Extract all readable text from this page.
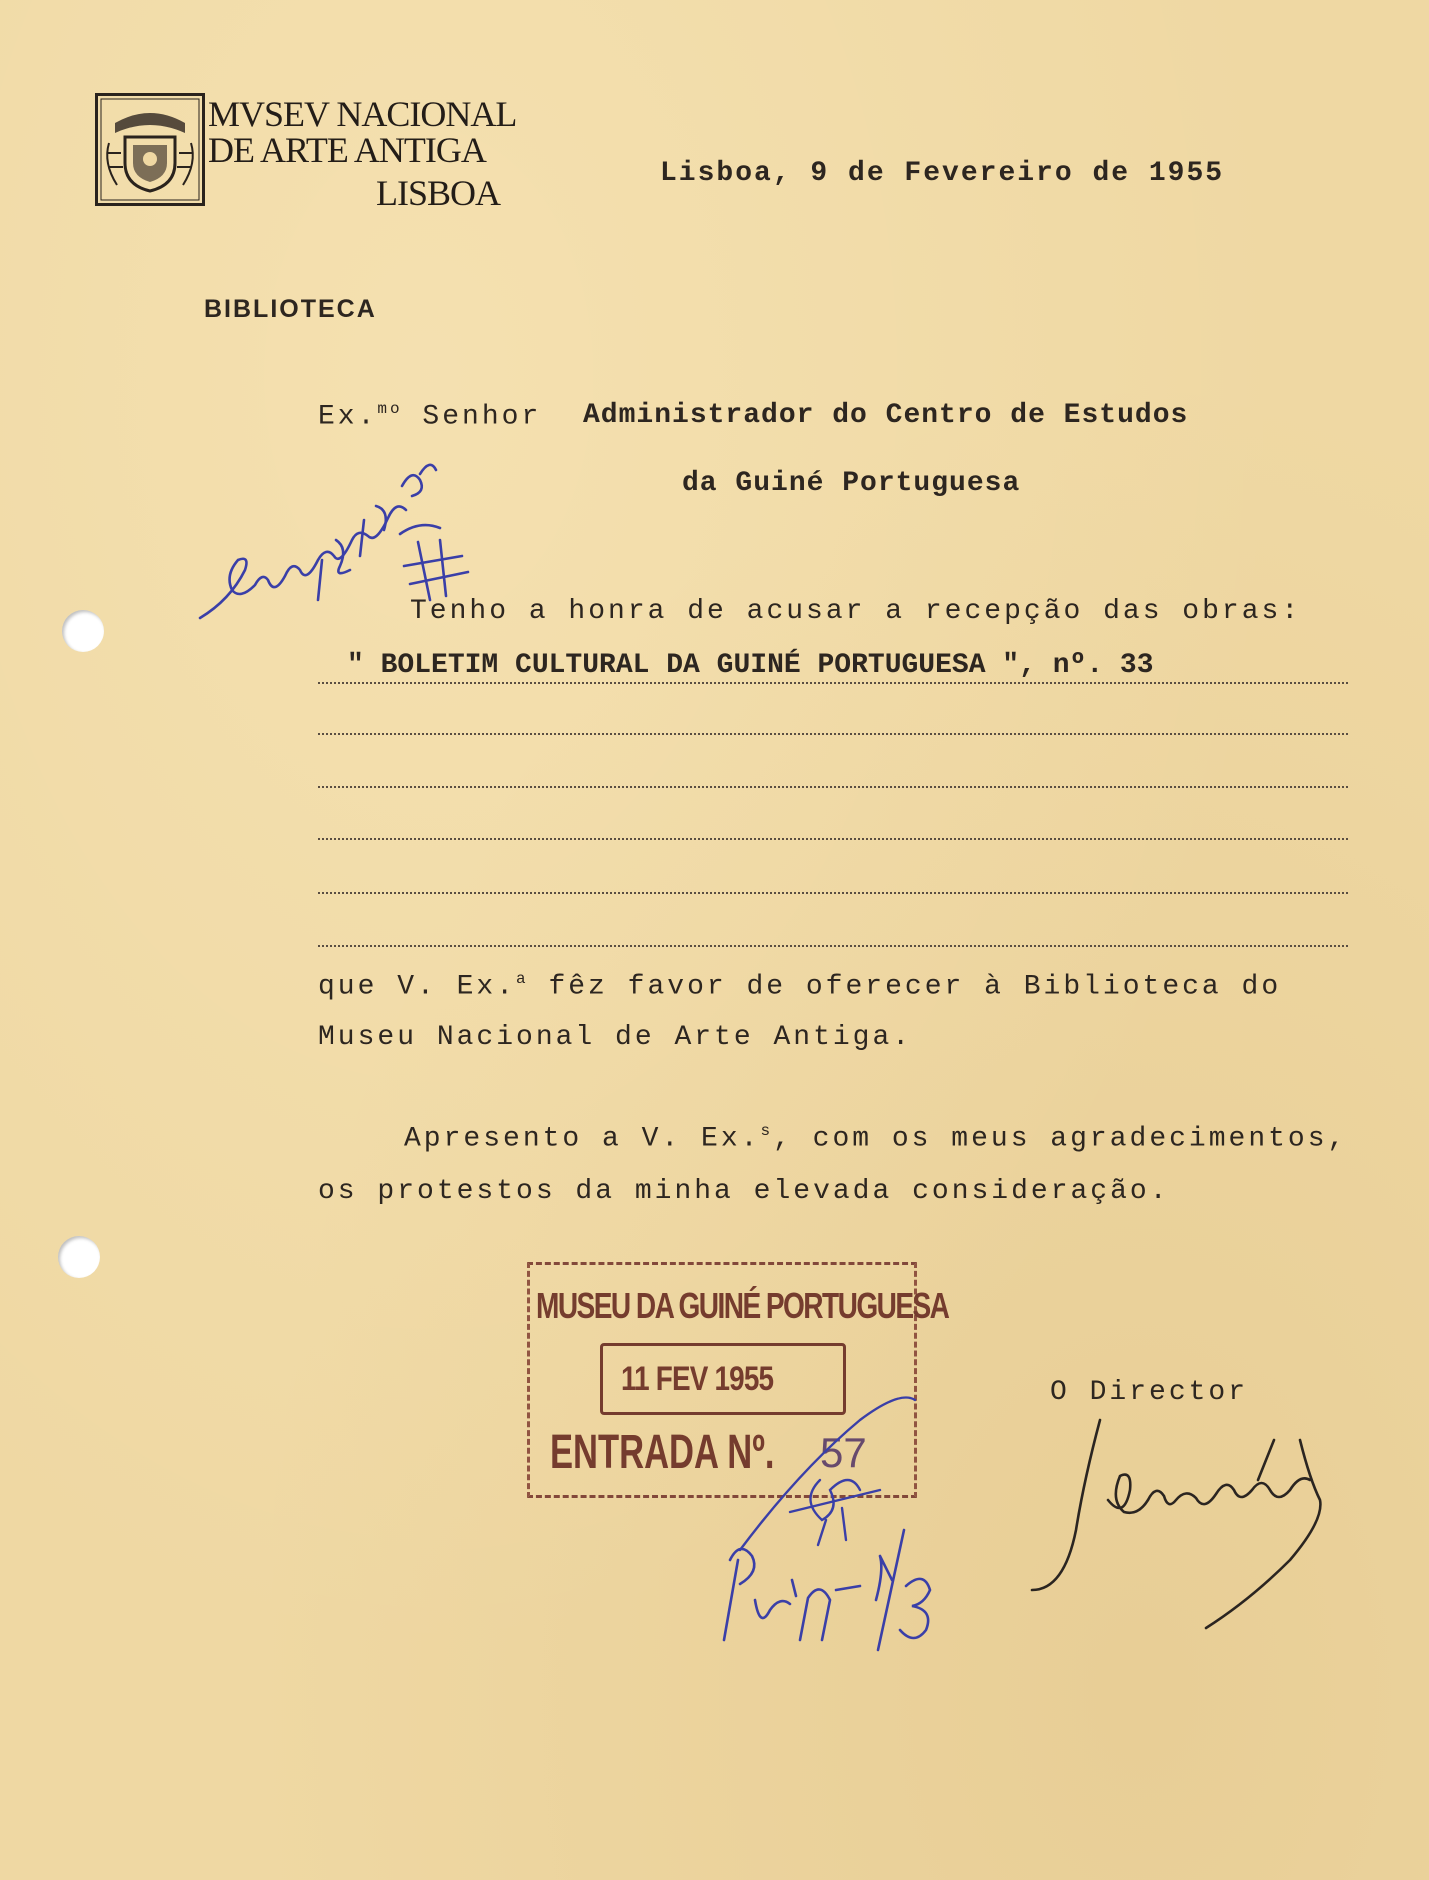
MVSEV NACIONAL
DE ARTE ANTIGA
LISBOA	Lisboa, 9 de Fevereiro de 1955
BIBLIOTECA
Ex.$^{mo}$ Senhor Administrador do Centro de Estudos
da Guiné Portuguesa
Tenho a honra de acusar a recepção das obras:
" BOLETIM CULTURAL DA GUINÉ PORTUGUESA ", nº. 33
que V. Ex.$^a$ fêz favor de oferecer à Biblioteca do
Museu Nacional de Arte Antiga.
Apresento a V. Ex.$^s$, com os meus agradecimentos,
os protestos da minha elevada consideração.
O Director
MUSEU DA GUINÉ PORTUGUESA
11 FEV 1955
ENTRADA Nº. 57
